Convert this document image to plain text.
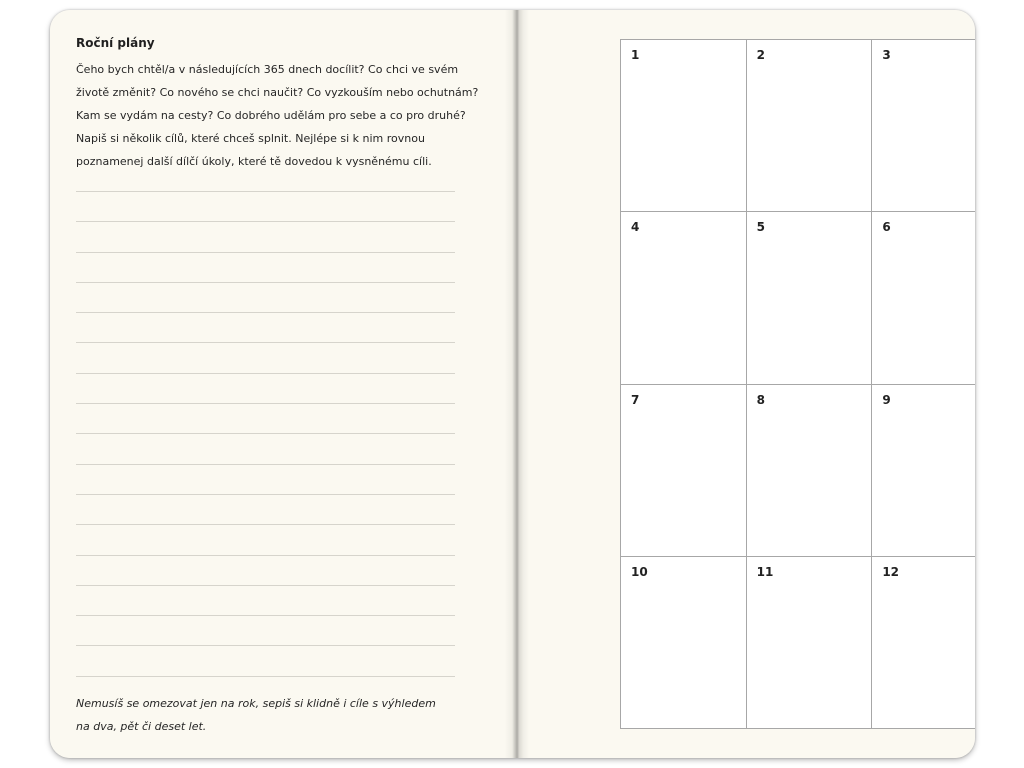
Roční plány
Čeho bych chtěl/a v následujících 365 dnech docílit? Co chci ve svém
životě změnit? Co nového se chci naučit? Co vyzkouším nebo ochutnám?
Kam se vydám na cesty? Co dobrého udělám pro sebe a co pro druhé?
Napiš si několik cílů, které chceš splnit. Nejlépe si k nim rovnou
poznamenej další dílčí úkoly, které tě dovedou k vysněnému cíli.
Nemusíš se omezovat jen na rok, sepiš si klidně i cíle s výhledem
na dva, pět či deset let.
1	2	3
4	5	6
7	8	9
10	11	12
